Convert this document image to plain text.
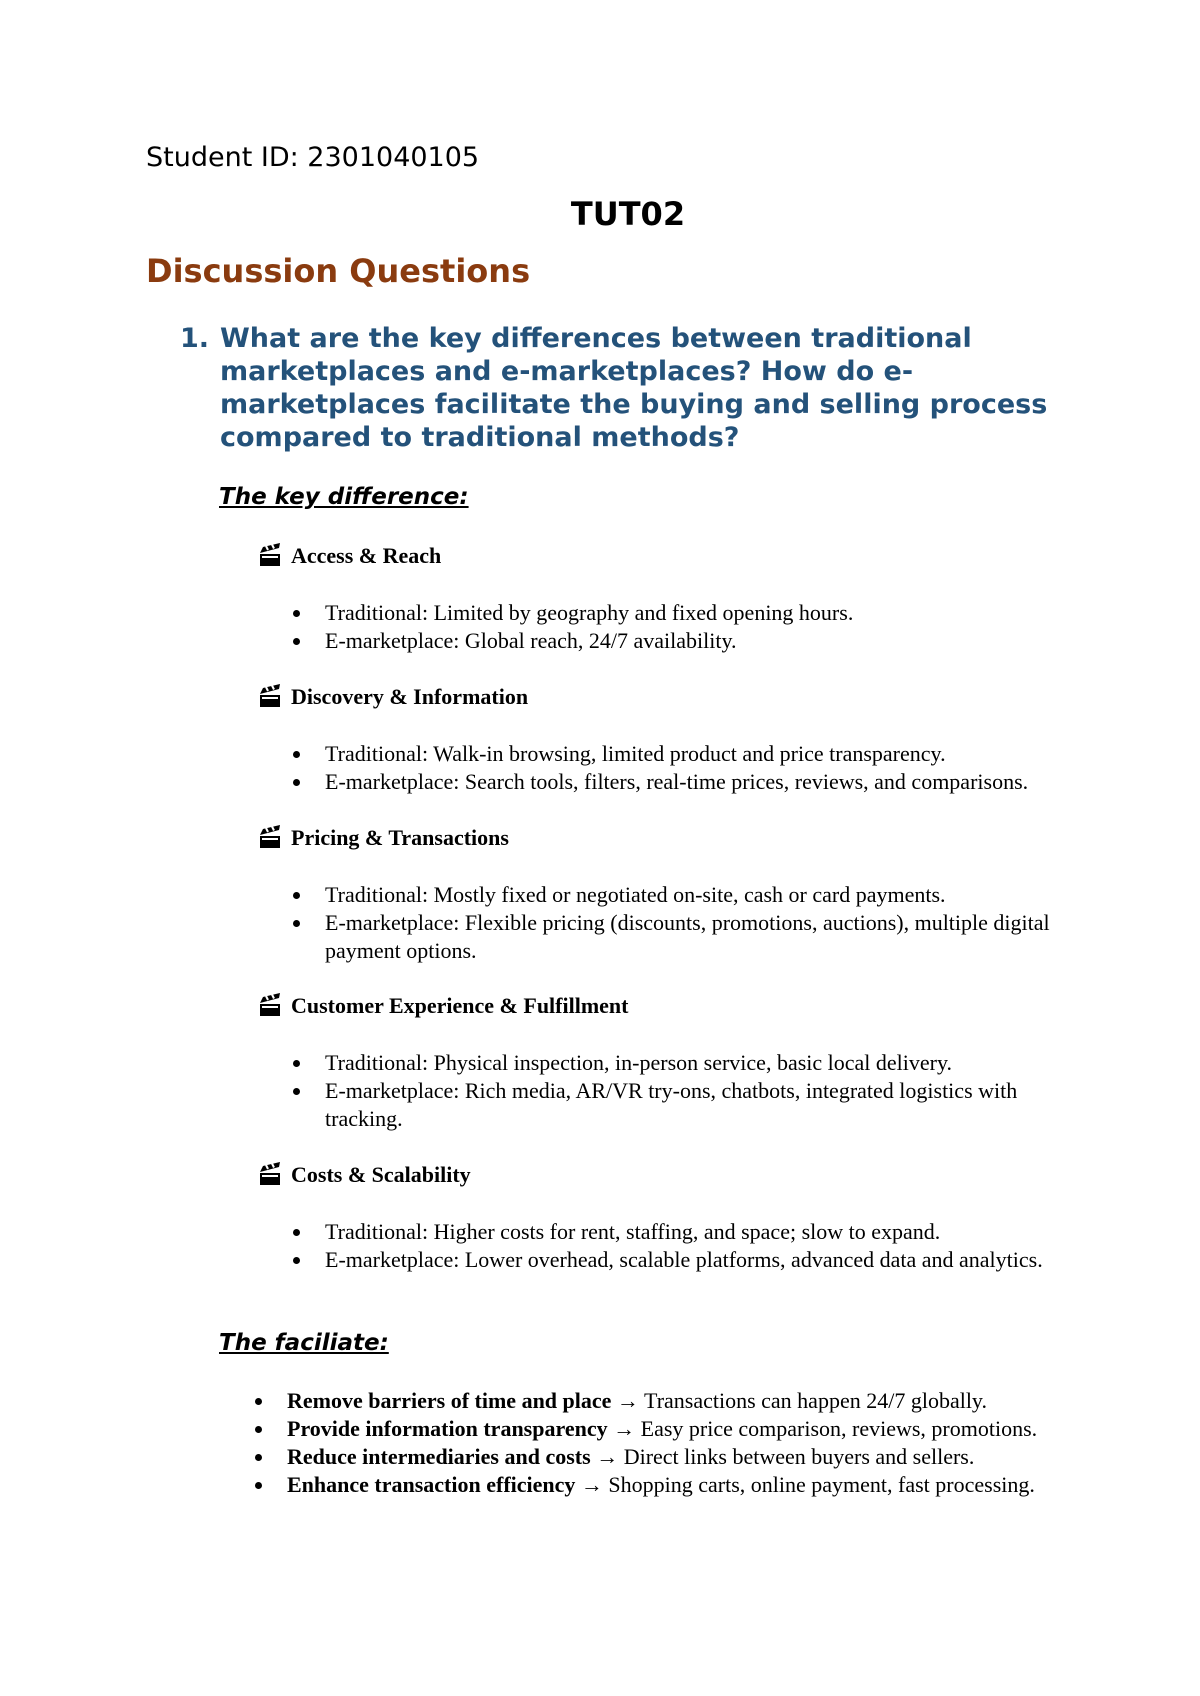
Student ID: 2301040105
TUT02
Discussion Questions
1. What are the key differences between traditional marketplaces and e-marketplaces? How do e-marketplaces facilitate the buying and selling process compared to traditional methods?
The key difference:
Access & Reach
Traditional: Limited by geography and fixed opening hours.
E-marketplace: Global reach, 24/7 availability.
Discovery & Information
Traditional: Walk-in browsing, limited product and price transparency.
E-marketplace: Search tools, filters, real-time prices, reviews, and comparisons.
Pricing & Transactions
Traditional: Mostly fixed or negotiated on-site, cash or card payments.
E-marketplace: Flexible pricing (discounts, promotions, auctions), multiple digital payment options.
Customer Experience & Fulfillment
Traditional: Physical inspection, in-person service, basic local delivery.
E-marketplace: Rich media, AR/VR try-ons, chatbots, integrated logistics with tracking.
Costs & Scalability
Traditional: Higher costs for rent, staffing, and space; slow to expand.
E-marketplace: Lower overhead, scalable platforms, advanced data and analytics.
The faciliate:
Remove barriers of time and place → Transactions can happen 24/7 globally.
Provide information transparency → Easy price comparison, reviews, promotions.
Reduce intermediaries and costs → Direct links between buyers and sellers.
Enhance transaction efficiency → Shopping carts, online payment, fast processing.
